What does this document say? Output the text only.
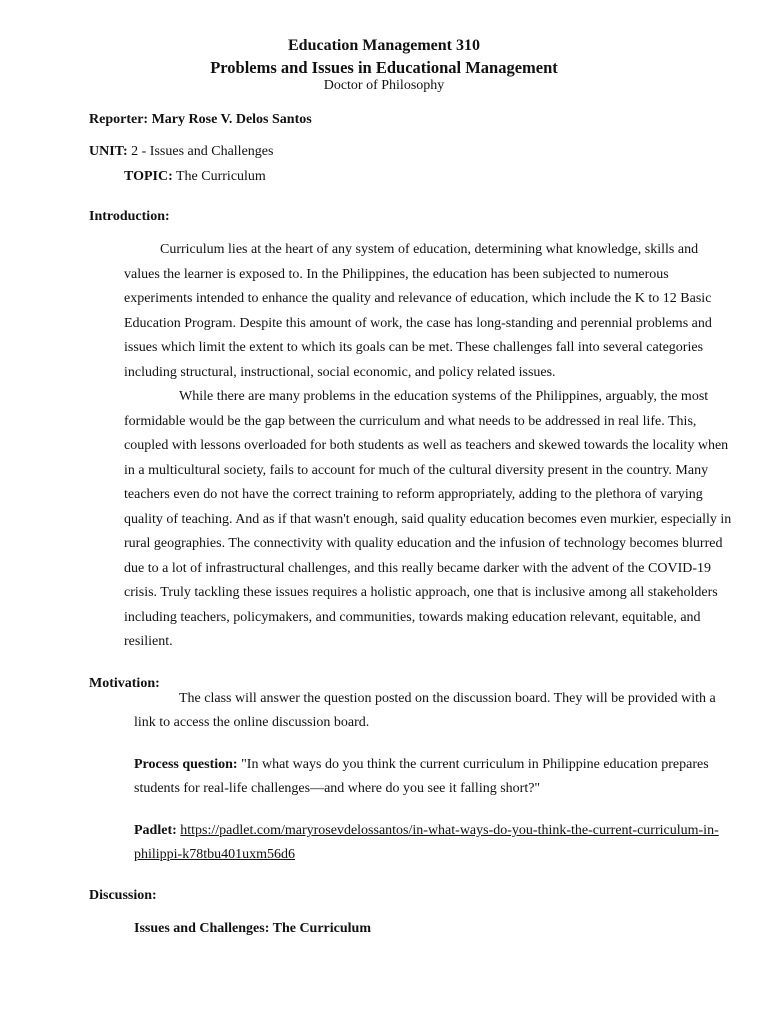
Education Management 310
Problems and Issues in Educational Management
Doctor of Philosophy
Reporter: Mary Rose V. Delos Santos
UNIT: 2 - Issues and Challenges
TOPIC: The Curriculum
Introduction:

Curriculum lies at the heart of any system of education, determining what knowledge, skills and values the learner is exposed to. In the Philippines, the education has been subjected to numerous experiments intended to enhance the quality and relevance of education, which include the K to 12 Basic Education Program. Despite this amount of work, the case has long-standing and perennial problems and issues which limit the extent to which its goals can be met. These challenges fall into several categories including structural, instructional, social economic, and policy related issues.

While there are many problems in the education systems of the Philippines, arguably, the most formidable would be the gap between the curriculum and what needs to be addressed in real life. This, coupled with lessons overloaded for both students as well as teachers and skewed towards the locality when in a multicultural society, fails to account for much of the cultural diversity present in the country. Many teachers even do not have the correct training to reform appropriately, adding to the plethora of varying quality of teaching. And as if that wasn't enough, said quality education becomes even murkier, especially in rural geographies. The connectivity with quality education and the infusion of technology becomes blurred due to a lot of infrastructural challenges, and this really became darker with the advent of the COVID-19 crisis. Truly tackling these issues requires a holistic approach, one that is inclusive among all stakeholders including teachers, policymakers, and communities, towards making education relevant, equitable, and resilient.

Motivation:

The class will answer the question posted on the discussion board. They will be provided with a link to access the online discussion board.

Process question: "In what ways do you think the current curriculum in Philippine education prepares students for real-life challenges—and where do you see it falling short?"

Padlet: https://padlet.com/maryrosevdelossantos/in-what-ways-do-you-think-the-current-curriculum-in-philippi-k78tbu401uxm56d6

Discussion:
Issues and Challenges: The Curriculum
